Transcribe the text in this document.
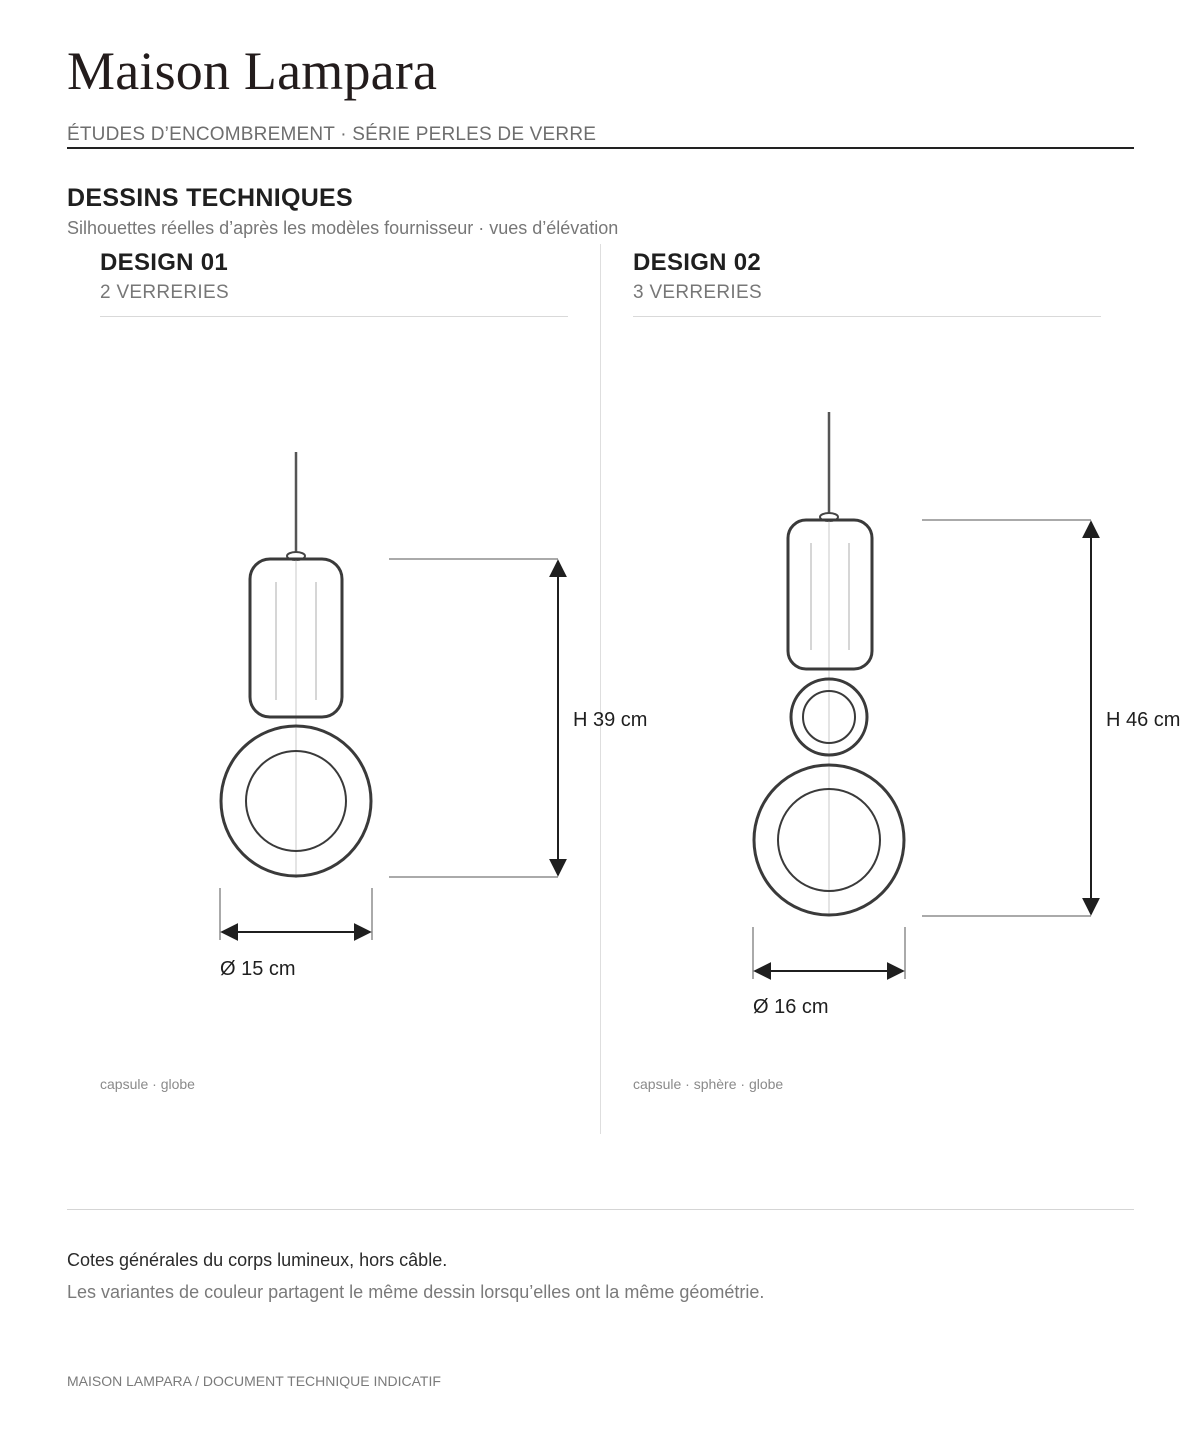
Maison Lampara
ÉTUDES D’ENCOMBREMENT · SÉRIE PERLES DE VERRE
DESSINS TECHNIQUES
Silhouettes réelles d’après les modèles fournisseur · vues d’élévation
DESIGN 01
2 VERRERIES
DESIGN 02
3 VERRERIES
H 39 cm
Ø 15 cm
H 46 cm
Ø 16 cm
capsule · globe	capsule · sphère · globe
Cotes générales du corps lumineux, hors câble.
Les variantes de couleur partagent le même dessin lorsqu’elles ont la même géométrie.
MAISON LAMPARA / DOCUMENT TECHNIQUE INDICATIF
